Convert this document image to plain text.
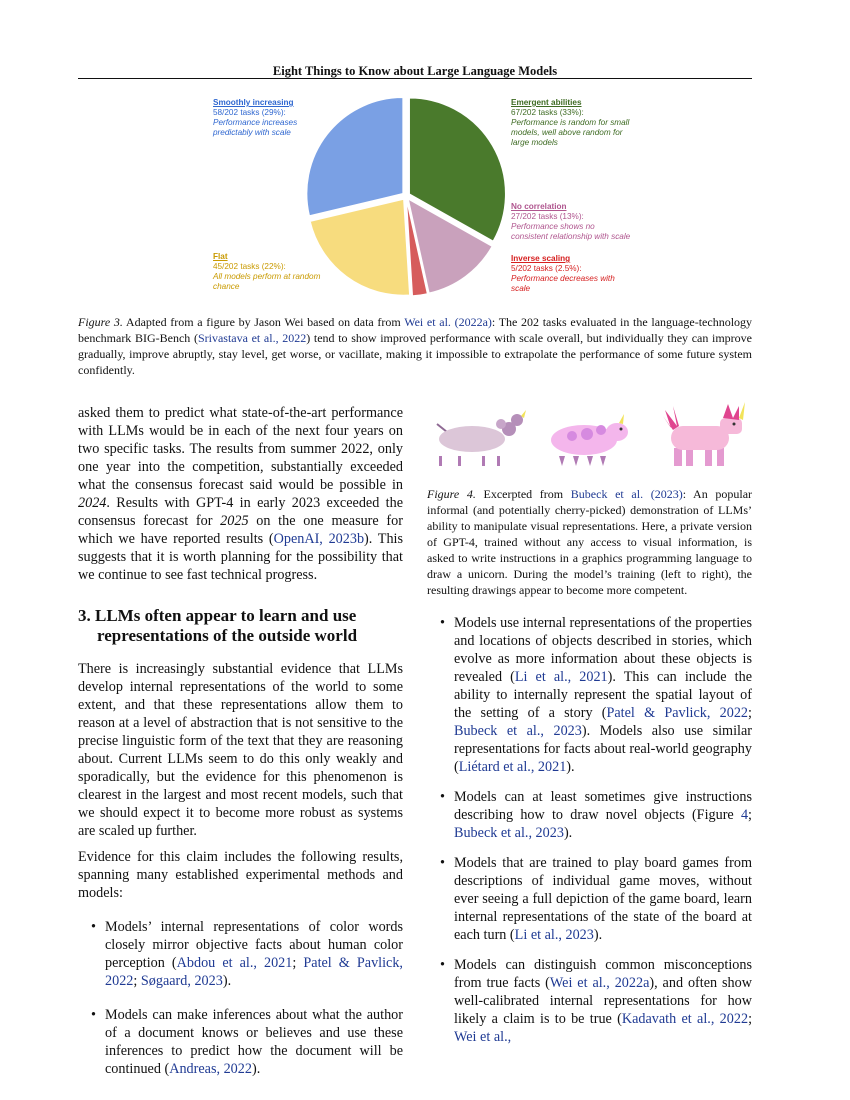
Eight Things to Know about Large Language Models
Smoothly increasing
58/202 tasks (29%):
Performance increases predictably with scale
Emergent abilities
67/202 tasks (33%):
Performance is random for small models, well above random for large models
No correlation
27/202 tasks (13%):
Performance shows no consistent relationship with scale
Inverse scaling
5/202 tasks (2.5%):
Performance decreases with scale
Flat
45/202 tasks (22%):
All models perform at random chance
Figure 3. Adapted from a figure by Jason Wei based on data from Wei et al. (2022a): The 202 tasks evaluated in the language-technology benchmark BIG-Bench (Srivastava et al., 2022) tend to show improved performance with scale overall, but individually they can improve gradually, improve abruptly, stay level, get worse, or vacillate, making it impossible to extrapolate the performance of some future system confidently.

asked them to predict what state-of-the-art performance with LLMs would be in each of the next four years on two specific tasks. The results from summer 2022, only one year into the competition, substantially exceeded what the consensus forecast said would be possible in 2024. Results with GPT-4 in early 2023 exceeded the consensus forecast for 2025 on the one measure for which we have reported results (OpenAI, 2023b). This suggests that it is worth planning for the possibility that we continue to see fast technical progress.

3. LLMs often appear to learn and use
representations of the outside world

There is increasingly substantial evidence that LLMs develop internal representations of the world to some extent, and that these representations allow them to reason at a level of abstraction that is not sensitive to the precise linguistic form of the text that they are reasoning about. Current LLMs seem to do this only weakly and sporadically, but the evidence for this phenomenon is clearest in the largest and most recent models, such that we should expect it to become more robust as systems are scaled up further.

Evidence for this claim includes the following results, spanning many established experimental methods and models:

• Models’ internal representations of color words closely mirror objective facts about human color perception (Abdou et al., 2021; Patel & Pavlick, 2022; Søgaard, 2023).
• Models can make inferences about what the author of a document knows or believes and use these inferences to predict how the document will be continued (Andreas, 2022).
Figure 4. Excerpted from Bubeck et al. (2023): An popular informal (and potentially cherry-picked) demonstration of LLMs’ ability to manipulate visual representations. Here, a private version of GPT-4, trained without any access to visual information, is asked to write instructions in a graphics programming language to draw a unicorn. During the model’s training (left to right), the resulting drawings appear to become more competent.
• Models use internal representations of the properties and locations of objects described in stories, which evolve as more information about these objects is revealed (Li et al., 2021). This can include the ability to internally represent the spatial layout of the setting of a story (Patel & Pavlick, 2022; Bubeck et al., 2023). Models also use similar representations for facts about real-world geography (Liétard et al., 2021).
• Models can at least sometimes give instructions describing how to draw novel objects (Figure 4; Bubeck et al., 2023).
• Models that are trained to play board games from descriptions of individual game moves, without ever seeing a full depiction of the game board, learn internal representations of the state of the board at each turn (Li et al., 2023).
• Models can distinguish common misconceptions from true facts (Wei et al., 2022a), and often show well-calibrated internal representations for how likely a claim is to be true (Kadavath et al., 2022; Wei et al.,
